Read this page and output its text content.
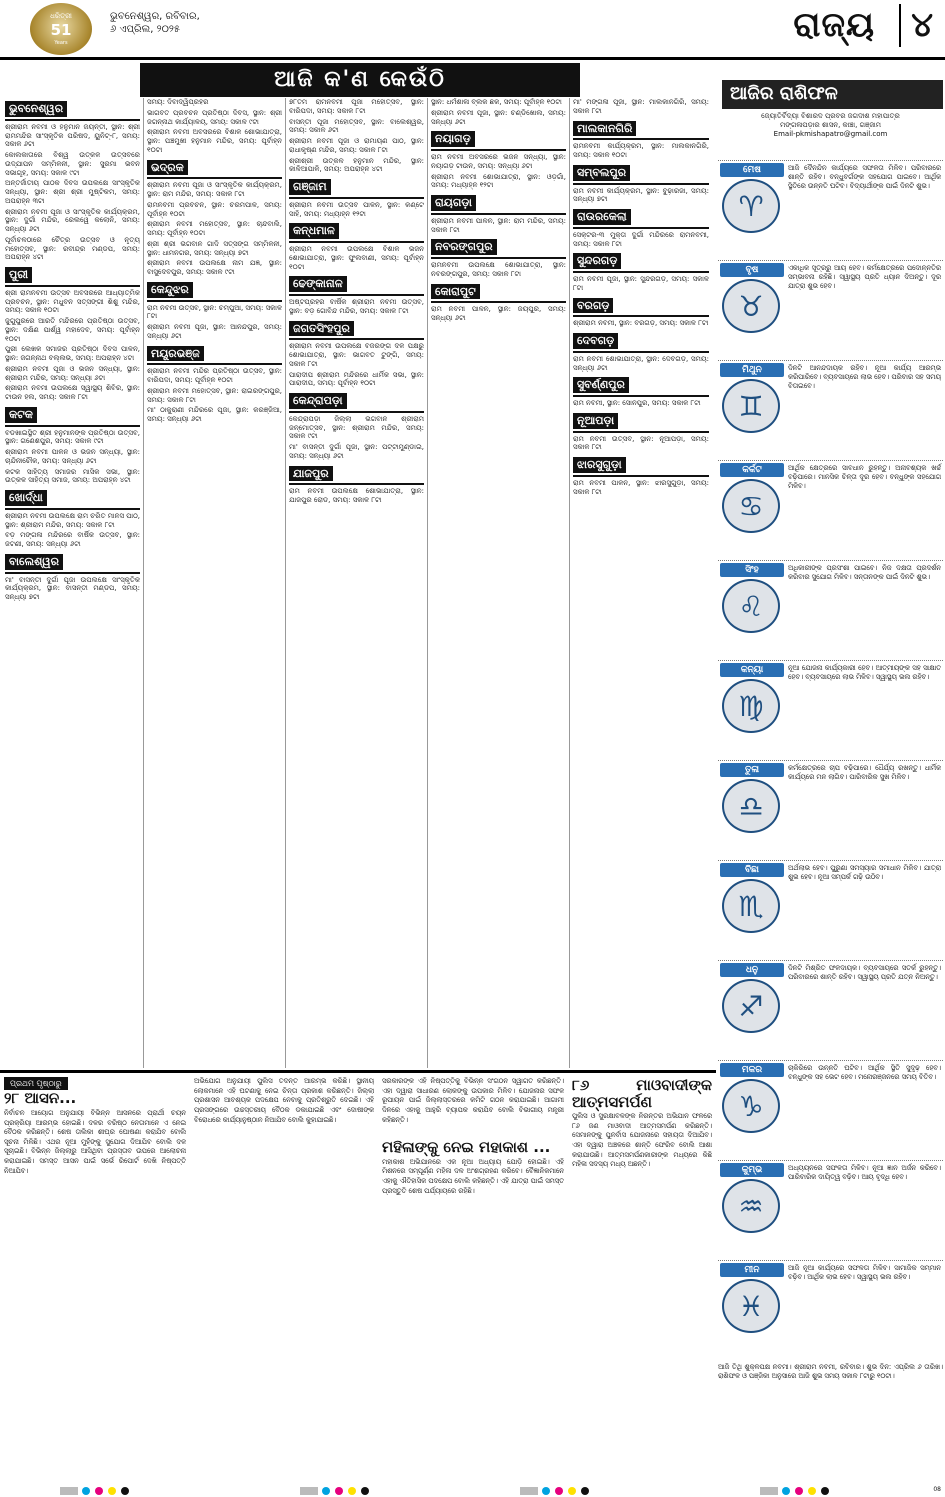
ଧରିତ୍ରୀ
51
Years
ଭୁବନେଶ୍ୱର, ରବିବାର,
୬ ଏପ୍ରିଲ, ୨୦୨୫	ରାଜ୍ୟ	୪
ଆଜି କ'ଣ କେଉଁଠି
ଭୁବନେଶ୍ୱର
ଶ୍ରୀରାମ ନବମୀ ଓ ହନୁମାନ ଜୟନ୍ତୀ, ସ୍ଥାନ: ଶ୍ରୀ ରାମମନ୍ଦିର ସାଂସ୍କୃତିକ ପରିଷଦ, ୟୁନିଟ୍-୮, ସମୟ: ସକାଳ ୬ଟା
କୋଲକାତାରେ ବିଶ୍ୱ ଉତ୍କଳ ଉତ୍ସବରେ ଉଦ୍‌ଯାପନ ସମ୍ମିଳନୀ, ସ୍ଥାନ: ସୁରମା ଭବନ ସଭାଗୃହ, ସମୟ: ସକାଳ ୯ଟା
ଅନ୍ତର୍ଜାତୀୟ ପାଠକ ଦିବସ ଉପଲକ୍ଷେ ସାଂସ୍କୃତିକ ସନ୍ଧ୍ୟା, ସ୍ଥାନ: ଶ୍ରୀ ଶ୍ରୀ ମୁଷ୍ଟିକମ, ସମୟ: ଅପରାହ୍ନ ୩ଟା
ଶ୍ରୀରାମ ନବମୀ ପୂଜା ଓ ସାଂସ୍କୃତିକ କାର୍ଯ୍ୟକ୍ରମ, ସ୍ଥାନ: ଦୁର୍ଗା ମନ୍ଦିର, ରେଲୱେ କଲୋନି, ସମୟ: ସନ୍ଧ୍ୟା ୬ଟା
ପୂର୍ବାଚଳଠାରେ ଚୈତ୍ର ଉତ୍ସବ ଓ ନୃତ୍ୟ ମହୋତ୍ସବ, ସ୍ଥାନ: ରବୀନ୍ଦ୍ର ମଣ୍ଡପ, ସମୟ: ଅପରାହ୍ନ ୪ଟା
ପୁରୀ
ଶ୍ରୀ ରାମନବମୀ ଉତ୍ସବ ଅବସରରେ ଆଧ୍ୟାତ୍ମିକ ପ୍ରବଚନ, ସ୍ଥାନ: ମଧୁବନ ସତ୍ସଙ୍ଗୀ ଶିଶୁ ମନ୍ଦିର, ସମୟ: ସକାଳ ୧୦ଟା
ଜୁଗୁପୁରରେ ଆରତି ମନ୍ଦିରରେ ପ୍ରତିଷ୍ଠା ଉତ୍ସବ, ସ୍ଥାନ: ଦକ୍ଷିଣ ପାର୍ଶ୍ୱ ମହାଦେବ, ସମୟ: ପୂର୍ବାହ୍ନ ୧୦ଟା
ପୁରୀ ଲେଖକ ସମାଜର ପ୍ରତିଷ୍ଠା ଦିବସ ପାଳନ, ସ୍ଥାନ: ଜଗନ୍ନାଥ ବଲ୍ଲଭ, ସମୟ: ଅପରାହ୍ନ ୪ଟା
ଶ୍ରୀରାମ ନବମୀ ପୂଜା ଓ ଭଜନ ସନ୍ଧ୍ୟା, ସ୍ଥାନ: ଶ୍ରୀରାମ ମନ୍ଦିର, ସମୟ: ସନ୍ଧ୍ୟା ୬ଟା
ଶ୍ରୀରାମ ନବମୀ ଉପଲକ୍ଷେ ସ୍ୱାସ୍ଥ୍ୟ ଶିବିର, ସ୍ଥାନ: ଟାଉନ ହଲ, ସମୟ: ସକାଳ ୮ଟା
କଟକ
ବଡଖାଇସ୍ଥିତ ଶ୍ରୀ ହନୁମାନଙ୍କ ପ୍ରତିଷ୍ଠା ଉତ୍ସବ, ସ୍ଥାନ: ଗଣେଶପୁର, ସମୟ: ସକାଳ ୯ଟା
ଶ୍ରୀରାମ ନବମୀ ପାଳନ ଓ ଭଜନ ସନ୍ଧ୍ୟା, ସ୍ଥାନ: ଚାନ୍ଦିନୀଚୌକ, ସମୟ: ସନ୍ଧ୍ୟା ୬ଟା
କଟକ ସାହିତ୍ୟ ସମାଜର ମାସିକ ସଭା, ସ୍ଥାନ: ଉତ୍କଳ ସାହିତ୍ୟ ସମାଜ, ସମୟ: ଅପରାହ୍ନ ୪ଟା
ଖୋର୍ଦ୍ଧା
ଶ୍ରୀରାମ ନବମୀ ଉପଲକ୍ଷେ ରାମ ଚରିତ ମାନସ ପାଠ, ସ୍ଥାନ: ଶ୍ରୀରାମ ମନ୍ଦିର, ସମୟ: ସକାଳ ୮ଟା
ବଡ଼ ମଙ୍ଗଳା ମନ୍ଦିରରେ ବାର୍ଷିକ ଉତ୍ସବ, ସ୍ଥାନ: ଜଟଣୀ, ସମୟ: ସନ୍ଧ୍ୟା ୬ଟା
ବାଲେଶ୍ୱର
ମା' ବାସନ୍ତୀ ଦୁର୍ଗା ପୂଜା ଉପଲକ୍ଷେ ସାଂସ୍କୃତିକ କାର୍ଯ୍ୟକ୍ରମ, ସ୍ଥାନ: ବାସନ୍ତୀ ମଣ୍ଡପ, ସମୟ: ସନ୍ଧ୍ୟା ୭ଟା
ସମୟ: ଦିବାଦ୍ୱିପ୍ରହର
ଭାଗବତ ପ୍ରବଚନ ପ୍ରତିଷ୍ଠା ଦିବସ, ସ୍ଥାନ: ଶ୍ରୀ ଜଗନ୍ନାଥ କାର୍ଯ୍ୟାଳୟ, ସମୟ: ସକାଳ ୯ଟା
ଶ୍ରୀରାମ ନବମୀ ଅବସରରେ ବିଶାଳ ଶୋଭାଯାତ୍ରା, ସ୍ଥାନ: ପଞ୍ଚମୁଖୀ ହନୁମାନ ମନ୍ଦିର, ସମୟ: ପୂର୍ବାହ୍ନ ୧୦ଟା
ଭଦ୍ରକ
ଶ୍ରୀରାମ ନବମୀ ପୂଜା ଓ ସାଂସ୍କୃତିକ କାର୍ଯ୍ୟକ୍ରମ, ସ୍ଥାନ: ରାମ ମନ୍ଦିର, ସମୟ: ସକାଳ ୮ଟା
ରାମନବମୀ ପ୍ରବଚନ, ସ୍ଥାନ: ଚରମପାଳ, ସମୟ: ପୂର୍ବାହ୍ନ ୧୦ଟା
ଶ୍ରୀରାମ ନବମୀ ମହୋତ୍ସବ, ସ୍ଥାନ: ଚାନ୍ଦବାଲି, ସମୟ: ପୂର୍ବାହ୍ନ ୧୦ଟା
ଶ୍ରୀ ଶ୍ରୀ ଭଗବାନ ଗାଦି ସତ୍ସଙ୍ଗ ସମ୍ମିଳନୀ, ସ୍ଥାନ: ଧାମନଗର, ସମୟ: ସନ୍ଧ୍ୟା ୭ଟା
ଶ୍ରୀରାମ ନବମୀ ଉପଲକ୍ଷେ ନାମ ଯଜ୍ଞ, ସ୍ଥାନ: ବାସୁଦେବପୁର, ସମୟ: ସକାଳ ୯ଟା
କେନ୍ଦୁଝର
ରାମ ନବମୀ ଉତ୍ସବ, ସ୍ଥାନ: ଚମ୍ପୁଆ, ସମୟ: ସକାଳ ୮ଟା
ଶ୍ରୀରାମ ନବମୀ ପୂଜା, ସ୍ଥାନ: ଆନନ୍ଦପୁର, ସମୟ: ସନ୍ଧ୍ୟା ୬ଟା
ମୟୂରଭଞ୍ଜ
ଶ୍ରୀରାମ ନବମୀ ମନ୍ଦିର ପ୍ରତିଷ୍ଠା ଉତ୍ସବ, ସ୍ଥାନ: ବାରିପଦା, ସମୟ: ପୂର୍ବାହ୍ନ ୧୦ଟା
ଶ୍ରୀରାମ ନବମୀ ମହୋତ୍ସବ, ସ୍ଥାନ: ରାଇରଙ୍ଗପୁର, ସମୟ: ସକାଳ ୮ଟା
ମା' ଠାକୁରାଣୀ ମନ୍ଦିରରେ ପୂଜା, ସ୍ଥାନ: କରଞ୍ଜିଆ, ସମୟ: ସନ୍ଧ୍ୟା ୬ଟା
୭୮ତମ ରାମନବମୀ ପୂଜା ମହୋତ୍ସବ, ସ୍ଥାନ: ବାରିପଦା, ସମୟ: ସକାଳ ୮ଟା
ବାସନ୍ତୀ ପୂଜା ମହୋତ୍ସବ, ସ୍ଥାନ: ବାଲେଶ୍ୱର, ସମୟ: ସକାଳ ୬ଟା
ଶ୍ରୀରାମ ନବମୀ ପୂଜା ଓ ରାମାୟଣ ପାଠ, ସ୍ଥାନ: ରାଧାକୃଷ୍ଣ ମନ୍ଦିର, ସମୟ: ସକାଳ ୮ଟା
ଶ୍ରୀଶ୍ରୀ ଉତ୍କଳ ହନୁମାନ ମନ୍ଦିର, ସ୍ଥାନ: କାଳିଆପାଳି, ସମୟ: ଅପରାହ୍ନ ୪ଟା
ଗଞ୍ଜାମ
ଶ୍ରୀରାମ ନବମୀ ଉତ୍ସବ ପାଳନ, ସ୍ଥାନ: କଣ୍ଟେ ସାହି, ସମୟ: ମଧ୍ୟାହ୍ନ ୧୨ଟା
କନ୍ଧମାଳ
ଶ୍ରୀରାମ ନବମୀ ଉପଲକ୍ଷେ ବିଶାଳ ଭଜନ ଶୋଭାଯାତ୍ରା, ସ୍ଥାନ: ଫୁଲବାଣୀ, ସମୟ: ପୂର୍ବାହ୍ନ ୧୦ଟା
ଢେଙ୍କାନାଳ
ଅଷ୍ଟପ୍ରହର ବାର୍ଷିକ ଶ୍ରୀରାମ ନବମୀ ଉତ୍ସବ, ସ୍ଥାନ: ବଡ଼ ଗୋବିନ୍ଦ ମନ୍ଦିର, ସମୟ: ସକାଳ ୮ଟା
ଜଗତସିଂହପୁର
ଶ୍ରୀରାମ ନବମୀ ଉପଲକ୍ଷେ ବଜରଙ୍ଗ ଦଳ ପକ୍ଷରୁ ଶୋଭାଯାତ୍ରା, ସ୍ଥାନ: ଭାଗବତ ଟୁଙ୍ଗି, ସମୟ: ସକାଳ ୮ଟା
ପାରାଦୀପ ଶ୍ରୀରାମ ମନ୍ଦିରରେ ଧାର୍ମିକ ସଭା, ସ୍ଥାନ: ପାରାଦୀପ, ସମୟ: ପୂର୍ବାହ୍ନ ୧୦ଟା
କେନ୍ଦ୍ରାପଡ଼ା
କେନ୍ଦ୍ରାପଡ଼ା ଜିଲ୍ଲା ଭଗବାନ ଶ୍ରୀରାମ ଜନ୍ମୋତ୍ସବ, ସ୍ଥାନ: ଶ୍ରୀରାମ ମନ୍ଦିର, ସମୟ: ସକାଳ ୯ଟା
ମା' ବାସନ୍ତୀ ଦୁର୍ଗା ପୂଜା, ସ୍ଥାନ: ପଟ୍ଟାମୁଣ୍ଡାଇ, ସମୟ: ସନ୍ଧ୍ୟା ୬ଟା
ଯାଜପୁର
ରାମ ନବମୀ ଉପଲକ୍ଷେ ଶୋଭାଯାତ୍ରା, ସ୍ଥାନ: ଯାଜପୁର ରୋଡ, ସମୟ: ସକାଳ ୮ଟା
ସ୍ଥାନ: ଧର୍ମଶାଳା ବ୍ଲକ ଛକ, ସମୟ: ପୂର୍ବାହ୍ନ ୧୦ଟା
ଶ୍ରୀରାମ ନବମୀ ପୂଜା, ସ୍ଥାନ: ଚଣ୍ଡିଖୋଲ, ସମୟ: ସନ୍ଧ୍ୟା ୬ଟା
ନୟାଗଡ଼
ରାମ ନବମୀ ଅବସରରେ ଭଜନ ସନ୍ଧ୍ୟା, ସ୍ଥାନ: ନୟାଗଡ଼ ଟାଉନ, ସମୟ: ସନ୍ଧ୍ୟା ୬ଟା
ଶ୍ରୀରାମ ନବମୀ ଶୋଭାଯାତ୍ରା, ସ୍ଥାନ: ଓଡ଼ଗାଁ, ସମୟ: ମଧ୍ୟାହ୍ନ ୧୨ଟା
ରାୟଗଡ଼ା
ଶ୍ରୀରାମ ନବମୀ ପାଳନ, ସ୍ଥାନ: ରାମ ମନ୍ଦିର, ସମୟ: ସକାଳ ୮ଟା
ନବରଙ୍ଗପୁର
ରାମନବମୀ ଉପଲକ୍ଷେ ଶୋଭାଯାତ୍ରା, ସ୍ଥାନ: ନବରଙ୍ଗପୁର, ସମୟ: ସକାଳ ୮ଟା
କୋରାପୁଟ
ରାମ ନବମୀ ପାଳନ, ସ୍ଥାନ: ଜୟପୁର, ସମୟ: ସନ୍ଧ୍ୟା ୬ଟା
ମା' ମଙ୍ଗଳା ପୂଜା, ସ୍ଥାନ: ମାଲକାନଗିରି, ସମୟ: ସକାଳ ୮ଟା
ମାଲକାନଗିରି
ରାମନବମୀ କାର୍ଯ୍ୟକ୍ରମ, ସ୍ଥାନ: ମାଲକାନଗିରି, ସମୟ: ସକାଳ ୧୦ଟା
ସମ୍ବଲପୁର
ରାମ ନବମୀ କାର୍ଯ୍ୟକ୍ରମ, ସ୍ଥାନ: ବୁଢ଼ାରଜା, ସମୟ: ସନ୍ଧ୍ୟା ୭ଟା
ରାଉରକେଲା
ସେକ୍ଟର-୩ ମୁକ୍ତା ଦୁର୍ଗା ମନ୍ଦିରରେ ରାମନବମୀ, ସମୟ: ସକାଳ ୮ଟା
ସୁନ୍ଦରଗଡ଼
ରାମ ନବମୀ ପୂଜା, ସ୍ଥାନ: ସୁନ୍ଦରଗଡ଼, ସମୟ: ସକାଳ ୮ଟା
ବରଗଡ଼
ଶ୍ରୀରାମ ନବମୀ, ସ୍ଥାନ: ବରଗଡ଼, ସମୟ: ସକାଳ ୮ଟା
ଦେବଗଡ଼
ରାମ ନବମୀ ଶୋଭାଯାତ୍ରା, ସ୍ଥାନ: ଦେବଗଡ଼, ସମୟ: ସନ୍ଧ୍ୟା ୬ଟା
ସୁବର୍ଣ୍ଣପୁର
ରାମ ନବମୀ, ସ୍ଥାନ: ସୋନପୁର, ସମୟ: ସକାଳ ୮ଟା
ନୂଆପଡ଼ା
ରାମ ନବମୀ ଉତ୍ସବ, ସ୍ଥାନ: ନୂଆପଡ଼ା, ସମୟ: ସକାଳ ୮ଟା
ଝାରସୁଗୁଡ଼ା
ରାମ ନବମୀ ପାଳନ, ସ୍ଥାନ: ଝାରସୁଗୁଡ଼ା, ସମୟ: ସକାଳ ୮ଟା
ଆଜିର ରାଶିଫଳ
ଜ୍ୟୋତିର୍ବିଦ୍ୟା ବିଶାରଦ ପ୍ରବର ଜଗଦୀଶ ମହାପାତ୍ର
ମଙ୍ଗଳାପଡ଼ାର ଶାସନ, କାଞ୍ଚା, ଗଞ୍ଜାମ
Email-pkmishapatro@gmail.com
ଆଜି ତିଥି ଶୁକ୍ଳପକ୍ଷ ନବମୀ। ଶ୍ରୀରାମ ନବମୀ, ରବିବାର। ଶୁଭ ଦିନ: ଏପ୍ରିଲ ୬ ତାରିଖ। ରାଶିଫଳ ଓ ପଞ୍ଜିକା ଅନୁସାରେ ଆଜି ଶୁଭ ସମୟ ସକାଳ ୮ଟାରୁ ୧୦ଟା।
ମେଷ
♈
ଆଜି ଦୈନନ୍ଦିନ କାର୍ଯ୍ୟରେ ସଫଳତା ମିଳିବ। ପରିବାରରେ ଶାନ୍ତି ରହିବ। ବନ୍ଧୁବର୍ଗଙ୍କ ସହଯୋଗ ପାଇବେ। ଆର୍ଥିକ ସ୍ଥିତିରେ ଉନ୍ନତି ଘଟିବ। ବିଦ୍ୟାର୍ଥୀଙ୍କ ପାଇଁ ଦିନଟି ଶୁଭ।
ବୃଷ
♉
ଏକାଧିକ ସୂତ୍ରରୁ ଆୟ ହେବ। କର୍ମକ୍ଷେତ୍ରରେ ପଦୋନ୍ନତିର ସମ୍ଭାବନା ରହିଛି। ସ୍ୱାସ୍ଥ୍ୟ ପ୍ରତି ଧ୍ୟାନ ଦିଅନ୍ତୁ। ଦୂର ଯାତ୍ରା ଶୁଭ ହେବ।
ମିଥୁନ
♊
ଦିନଟି ଆନନ୍ଦଦାୟକ ରହିବ। ନୂଆ କାର୍ଯ୍ୟ ଆରମ୍ଭ କରିପାରିବେ। ବ୍ୟବସାୟରେ ଲାଭ ହେବ। ପରିବାର ସହ ସମୟ ବିତାଇବେ।
କର୍କଟ
♋
ଆର୍ଥିକ କ୍ଷେତ୍ରରେ ସାବଧାନ ରୁହନ୍ତୁ। ଅନାବଶ୍ୟକ ଖର୍ଚ୍ଚ ବଢ଼ିପାରେ। ମାନସିକ ଚିନ୍ତା ଦୂର ହେବ। ବନ୍ଧୁଙ୍କ ସହଯୋଗ ମିଳିବ।
ସିଂହ
♌
ଅଧିକାରୀଙ୍କ ପ୍ରସଂଶା ପାଇବେ। ନିଜ ଦକ୍ଷତା ପ୍ରଦର୍ଶନ କରିବାର ସୁଯୋଗ ମିଳିବ। ସନ୍ତାନଙ୍କ ପାଇଁ ଦିନଟି ଶୁଭ।
କନ୍ୟା
♍
ନୂଆ ଯୋଜନା କାର୍ଯ୍ୟକାରୀ ହେବ। ଆତ୍ମୀୟଙ୍କ ସହ ସାକ୍ଷାତ ହେବ। ବ୍ୟବସାୟରେ ଲାଭ ମିଳିବ। ସ୍ୱାସ୍ଥ୍ୟ ଭଲ ରହିବ।
ତୁଳା
♎
କର୍ମକ୍ଷେତ୍ରରେ ଚାପ ବଢ଼ିପାରେ। ଧୈର୍ଯ୍ୟ ରଖନ୍ତୁ। ଧାର୍ମିକ କାର୍ଯ୍ୟରେ ମନ ଲାଗିବ। ପାରିବାରିକ ସୁଖ ମିଳିବ।
ବିଛା
♏
ଅର୍ଥଲାଭ ହେବ। ପୁରୁଣା ସମସ୍ୟାର ସମାଧାନ ମିଳିବ। ଯାତ୍ରା ଶୁଭ ହେବ। ନୂଆ ସମ୍ପର୍କ ଗଢ଼ି ଉଠିବ।
ଧନୁ
♐
ଦିନଟି ମିଶ୍ରିତ ଫଳଦାୟକ। ବ୍ୟବସାୟରେ ସତର୍କ ରୁହନ୍ତୁ। ପରିବାରରେ ଶାନ୍ତି ରହିବ। ସ୍ୱାସ୍ଥ୍ୟ ପ୍ରତି ଯତ୍ନ ନିଅନ୍ତୁ।
ମକର
♑
ଚାକିରିରେ ଉନ୍ନତି ଘଟିବ। ଆର୍ଥିକ ସ୍ଥିତି ସୁଦୃଢ଼ ହେବ। ବନ୍ଧୁଙ୍କ ସହ ଭେଟ ହେବ। ମନୋରଞ୍ଜନରେ ସମୟ ବିତିବ।
କୁମ୍ଭ
♒
ଅଧ୍ୟୟନରେ ସଫଳତା ମିଳିବ। ନୂଆ ଜ୍ଞାନ ଅର୍ଜନ କରିବେ। ପାରିବାରିକ ଦାୟିତ୍ୱ ବଢ଼ିବ। ଆୟ ବୃଦ୍ଧି ହେବ।
ମୀନ
♓
ଆଜି ନୂଆ କାର୍ଯ୍ୟରେ ସଫଳତା ମିଳିବ। ସାମାଜିକ ସମ୍ମାନ ବଢ଼ିବ। ଆର୍ଥିକ ଲାଭ ହେବ। ସ୍ୱାସ୍ଥ୍ୟ ଭଲ ରହିବ।
ପ୍ରଥମ ପୃଷ୍ଠାରୁ
୨୮ ଆସନ...
ନିର୍ବାଚନ ଆୟୋଗ ଅନୁଯାୟୀ ବିଭିନ୍ନ ଆସନରେ ପ୍ରାର୍ଥୀ ଚୟନ ପ୍ରକ୍ରିୟା ଆରମ୍ଭ ହୋଇଛି। ଦଳର ବରିଷ୍ଠ ନେତାମାନେ ଏ ନେଇ ବୈଠକ କରିଛନ୍ତି। ଶେଷ ତାଲିକା ଶୀଘ୍ର ଘୋଷଣା କରାଯିବ ବୋଲି ସୂଚନା ମିଳିଛି। ଏଥର ନୂଆ ମୁହଁଙ୍କୁ ସୁଯୋଗ ଦିଆଯିବ ବୋଲି ଦଳ ସୂଚାଇଛି। ବିଭିନ୍ନ ଜିଲ୍ଲାରୁ ଆସିଥିବା ପ୍ରସ୍ତାବ ଉପରେ ଆଲୋଚନା କରାଯାଇଛି। ସମସ୍ତ ଆସନ ପାଇଁ ସର୍ଭେ ରିପୋର୍ଟ ଦେଖି ନିଷ୍ପତ୍ତି ନିଆଯିବ।
ଅଭିଯୋଗ ଅନୁଯାୟୀ ପୁଲିସ ତଦନ୍ତ ଆରମ୍ଭ କରିଛି। ସ୍ଥାନୀୟ ଲୋକମାନେ ଏହି ଘଟଣାକୁ ନେଇ ଚିନ୍ତା ପ୍ରକାଶ କରିଛନ୍ତି। ଜିଲ୍ଲା ପ୍ରଶାସନ ଆବଶ୍ୟକ ପଦକ୍ଷେପ ନେବାକୁ ପ୍ରତିଶ୍ରୁତି ଦେଇଛି। ଏହି ପ୍ରସଙ୍ଗରେ ଉଚ୍ଚସ୍ତରୀୟ ବୈଠକ ଡକାଯାଇଛି ଏବଂ ଦୋଷୀଙ୍କ ବିରୋଧରେ କାର୍ଯ୍ୟାନୁଷ୍ଠାନ ନିଆଯିବ ବୋଲି କୁହାଯାଇଛି।
ସରକାରଙ୍କ ଏହି ନିଷ୍ପତ୍ତିକୁ ବିଭିନ୍ନ ସଂଗଠନ ସ୍ୱାଗତ କରିଛନ୍ତି। ଏହା ଦ୍ୱାରା ସାଧାରଣ ଲୋକଙ୍କୁ ଉପକାର ମିଳିବ। ଯୋଜନାର ସଫଳ ରୂପାୟନ ପାଇଁ ଜିଲ୍ଲାସ୍ତରରେ କମିଟି ଗଠନ କରାଯାଇଛି। ଆଗାମୀ ଦିନରେ ଏହାକୁ ଆହୁରି ବ୍ୟାପକ କରାଯିବ ବୋଲି ବିଭାଗୀୟ ମନ୍ତ୍ରୀ କହିଛନ୍ତି।
ମହିଳାଙ୍କୁ ନେଇ ମହାକାଶ ...
ମହାକାଶ ଅଭିଯାନରେ ଏକ ନୂଆ ଅଧ୍ୟାୟ ଯୋଡ଼ି ହୋଇଛି। ଏହି ମିଶନରେ ସମ୍ପୂର୍ଣ୍ଣ ମହିଳା ଦଳ ଅଂଶଗ୍ରହଣ କରିବେ। ବୈଜ୍ଞାନିକମାନେ ଏହାକୁ ଐତିହାସିକ ପଦକ୍ଷେପ ବୋଲି କହିଛନ୍ତି। ଏହି ଯାତ୍ରା ପାଇଁ ସମସ୍ତ ପ୍ରସ୍ତୁତି ଶେଷ ପର୍ଯ୍ୟାୟରେ ରହିଛି।
୮୬ ମାଓବାଦୀଙ୍କ ଆତ୍ମସମର୍ପଣ
ପୁଲିସ ଓ ସୁରକ୍ଷାବଳଙ୍କ ନିରନ୍ତର ଅଭିଯାନ ଫଳରେ ୮୬ ଜଣ ମାଓବାଦୀ ଆତ୍ମସମର୍ପଣ କରିଛନ୍ତି। ସେମାନଙ୍କୁ ପୁନର୍ବାସ ଯୋଜନାରେ ସହାୟତା ଦିଆଯିବ। ଏହା ଦ୍ୱାରା ଅଞ୍ଚଳରେ ଶାନ୍ତି ଫେରିବ ବୋଲି ଆଶା କରାଯାଉଛି। ଆତ୍ମସମର୍ପଣକାରୀଙ୍କ ମଧ୍ୟରେ କିଛି ମହିଳା ସଦସ୍ୟ ମଧ୍ୟ ଅଛନ୍ତି।
08
